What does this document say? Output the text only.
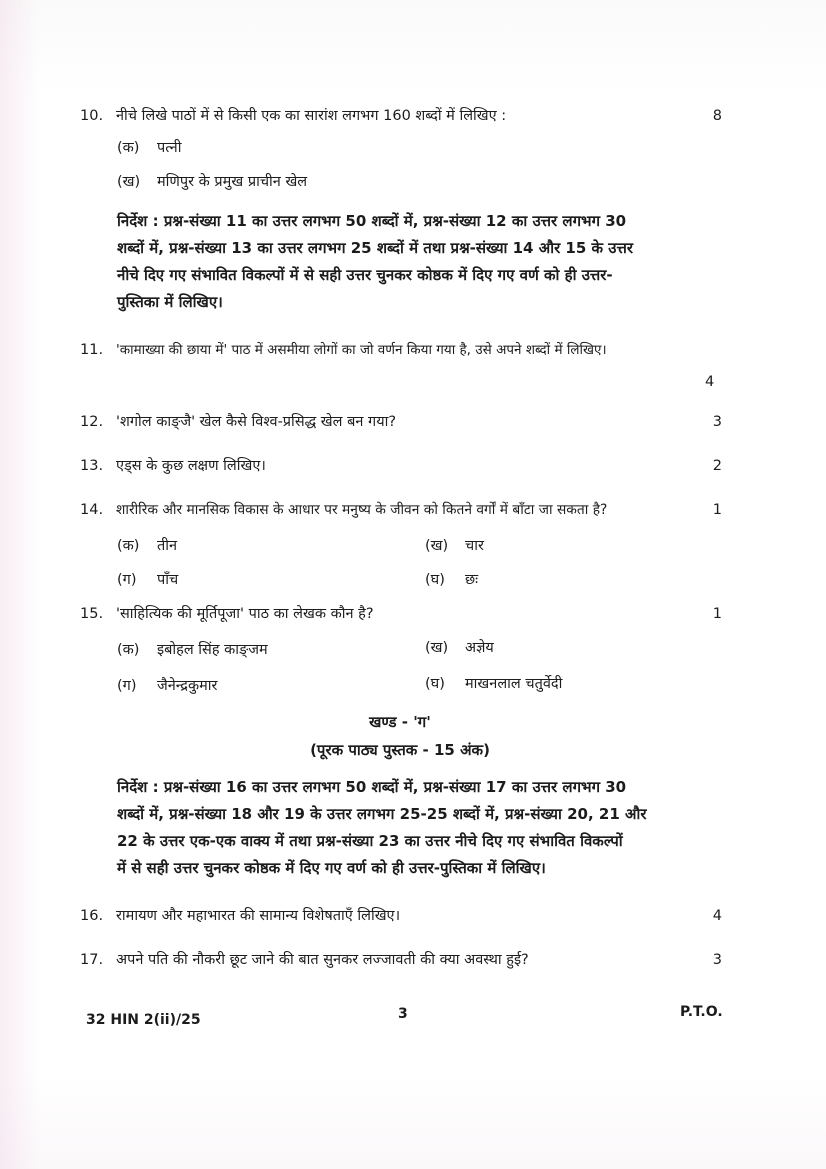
10. नीचे लिखे पाठों में से किसी एक का सारांश लगभग 160 शब्दों में लिखिए :	8
(क) पत्नी
(ख) मणिपुर के प्रमुख प्राचीन खेल
निर्देश : प्रश्न-संख्या 11 का उत्तर लगभग 50 शब्दों में, प्रश्न-संख्या 12 का उत्तर लगभग 30
शब्दों में, प्रश्न-संख्या 13 का उत्तर लगभग 25 शब्दों में तथा प्रश्न-संख्या 14 और 15 के उत्तर
नीचे दिए गए संभावित विकल्पों में से सही उत्तर चुनकर कोष्ठक में दिए गए वर्ण को ही उत्तर-
पुस्तिका में लिखिए।
11. 'कामाख्या की छाया में' पाठ में असमीया लोगों का जो वर्णन किया गया है, उसे अपने शब्दों में लिखिए।
4
12. 'शगोल काङ्जै' खेल कैसे विश्व-प्रसिद्ध खेल बन गया?	3
13. एड्स के कुछ लक्षण लिखिए।	2
14. शारीरिक और मानसिक विकास के आधार पर मनुष्य के जीवन को कितने वर्गों में बाँटा जा सकता है?	1
(क) तीन	(ख) चार
(ग) पाँच	(घ) छः
15. 'साहित्यिक की मूर्तिपूजा' पाठ का लेखक कौन है?	1
(क) इबोहल सिंह काङ्जम	(ख) अज्ञेय
(ग) जैनेन्द्रकुमार	(घ) माखनलाल चतुर्वेदी
खण्ड - 'ग'
(पूरक पाठ्य पुस्तक - 15 अंक)
निर्देश : प्रश्न-संख्या 16 का उत्तर लगभग 50 शब्दों में, प्रश्न-संख्या 17 का उत्तर लगभग 30
शब्दों में, प्रश्न-संख्या 18 और 19 के उत्तर लगभग 25-25 शब्दों में, प्रश्न-संख्या 20, 21 और
22 के उत्तर एक-एक वाक्य में तथा प्रश्न-संख्या 23 का उत्तर नीचे दिए गए संभावित विकल्पों
में से सही उत्तर चुनकर कोष्ठक में दिए गए वर्ण को ही उत्तर-पुस्तिका में लिखिए।
16. रामायण और महाभारत की सामान्य विशेषताएँ लिखिए।	4
17. अपने पति की नौकरी छूट जाने की बात सुनकर लज्जावती की क्या अवस्था हुई?	3
32 HIN 2(ii)/25	3	P.T.O.
